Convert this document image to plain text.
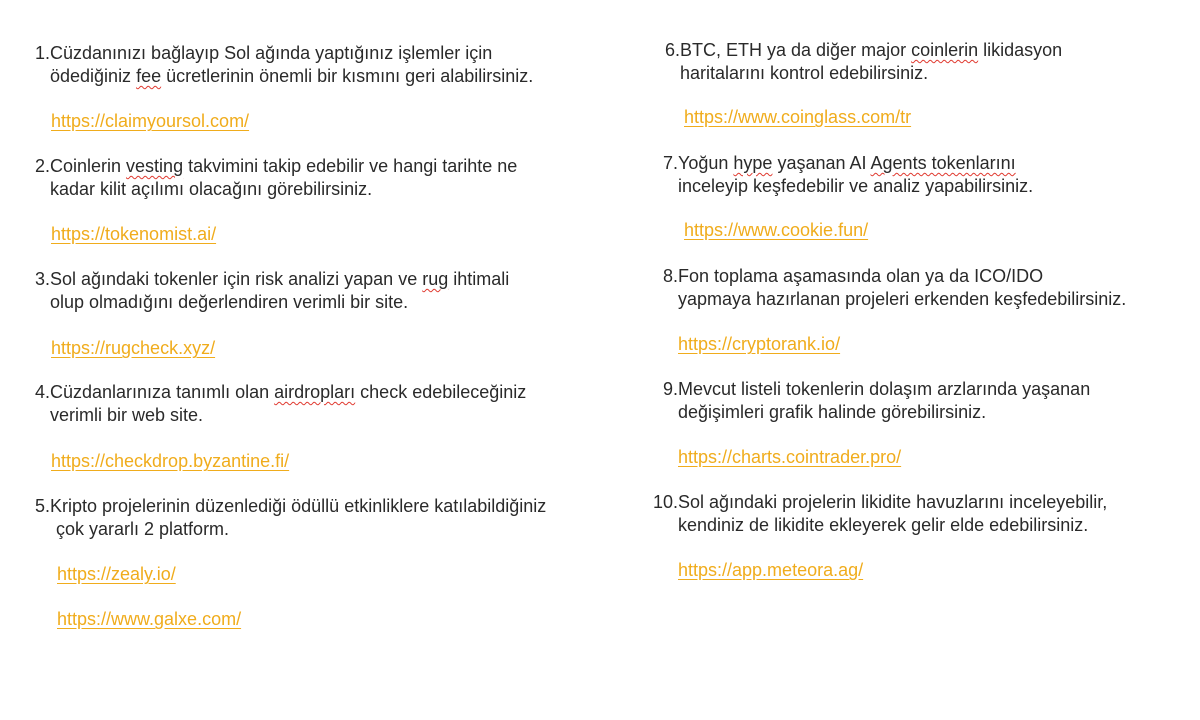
1. Cüzdanınızı bağlayıp Sol ağında yaptığınız işlemler için
ödediğiniz fee ücretlerinin önemli bir kısmını geri alabilirsiniz.
https://claimyoursol.com/
2. Coinlerin vesting takvimini takip edebilir ve hangi tarihte ne
kadar kilit açılımı olacağını görebilirsiniz.
https://tokenomist.ai/
3. Sol ağındaki tokenler için risk analizi yapan ve rug ihtimali
olup olmadığını değerlendiren verimli bir site.
https://rugcheck.xyz/
4. Cüzdanlarınıza tanımlı olan airdropları check edebileceğiniz
verimli bir web site.
https://checkdrop.byzantine.fi/
5. Kripto projelerinin düzenlediği ödüllü etkinliklere katılabildiğiniz
çok yararlı 2 platform.
https://zealy.io/
https://www.galxe.com/
6. BTC, ETH ya da diğer major coinlerin likidasyon
haritalarını kontrol edebilirsiniz.
https://www.coinglass.com/tr
7. Yoğun hype yaşanan AI Agents tokenlarını
inceleyip keşfedebilir ve analiz yapabilirsiniz.
https://www.cookie.fun/
8. Fon toplama aşamasında olan ya da ICO/IDO
yapmaya hazırlanan projeleri erkenden keşfedebilirsiniz.
https://cryptorank.io/
9. Mevcut listeli tokenlerin dolaşım arzlarında yaşanan
değişimleri grafik halinde görebilirsiniz.
https://charts.cointrader.pro/
10. Sol ağındaki projelerin likidite havuzlarını inceleyebilir,
kendiniz de likidite ekleyerek gelir elde edebilirsiniz.
https://app.meteora.ag/
